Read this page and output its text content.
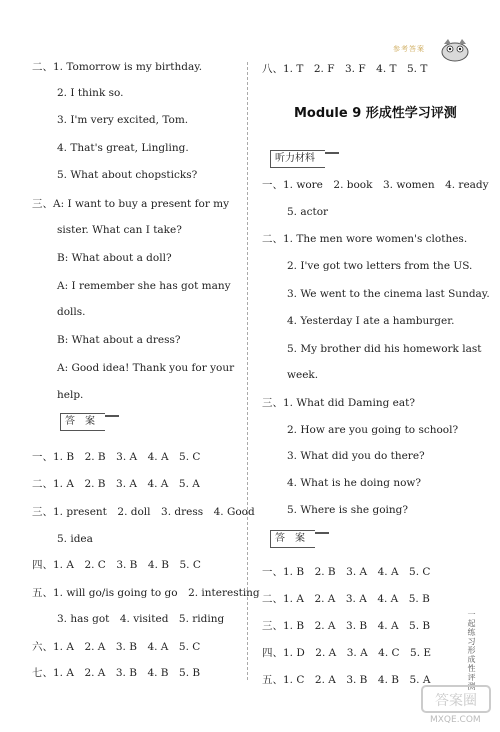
参考答案
二、1. Tomorrow is my birthday.
2. I think so.
3. I'm very excited, Tom.
4. That's great, Lingling.
5. What about chopsticks?
三、A: I want to buy a present for my
sister. What can I take?
B: What about a doll?
A: I remember she has got many
dolls.
B: What about a dress?
A: Good idea! Thank you for your
help.
答　案
一、1. B　2. B　3. A　4. A　5. C
二、1. A　2. B　3. A　4. A　5. A
三、1. present　2. doll　3. dress　4. Good
5. idea
四、1. A　2. C　3. B　4. B　5. C
五、1. will go/is going to go　2. interesting
3. has got　4. visited　5. riding
六、1. A　2. A　3. B　4. A　5. C
七、1. A　2. A　3. B　4. B　5. B
八、1. T　2. F　3. F　4. T　5. T
Module 9 形成性学习评测
听力材料
一、1. wore　2. book　3. women　4. ready
5. actor
二、1. The men wore women's clothes.
2. I've got two letters from the US.
3. We went to the cinema last Sunday.
4. Yesterday I ate a hamburger.
5. My brother did his homework last
week.
三、1. What did Daming eat?
2. How are you going to school?
3. What did you do there?
4. What is he doing now?
5. Where is she going?
答　案
一、1. B　2. B　3. A　4. A　5. C
二、1. A　2. A　3. A　4. A　5. B
三、1. B　2. A　3. B　4. A　5. B
四、1. D　2. A　3. A　4. C　5. E
五、1. C　2. A　3. B　4. B　5. A	一起练习形成性评测
答案圈
MXQE.COM
